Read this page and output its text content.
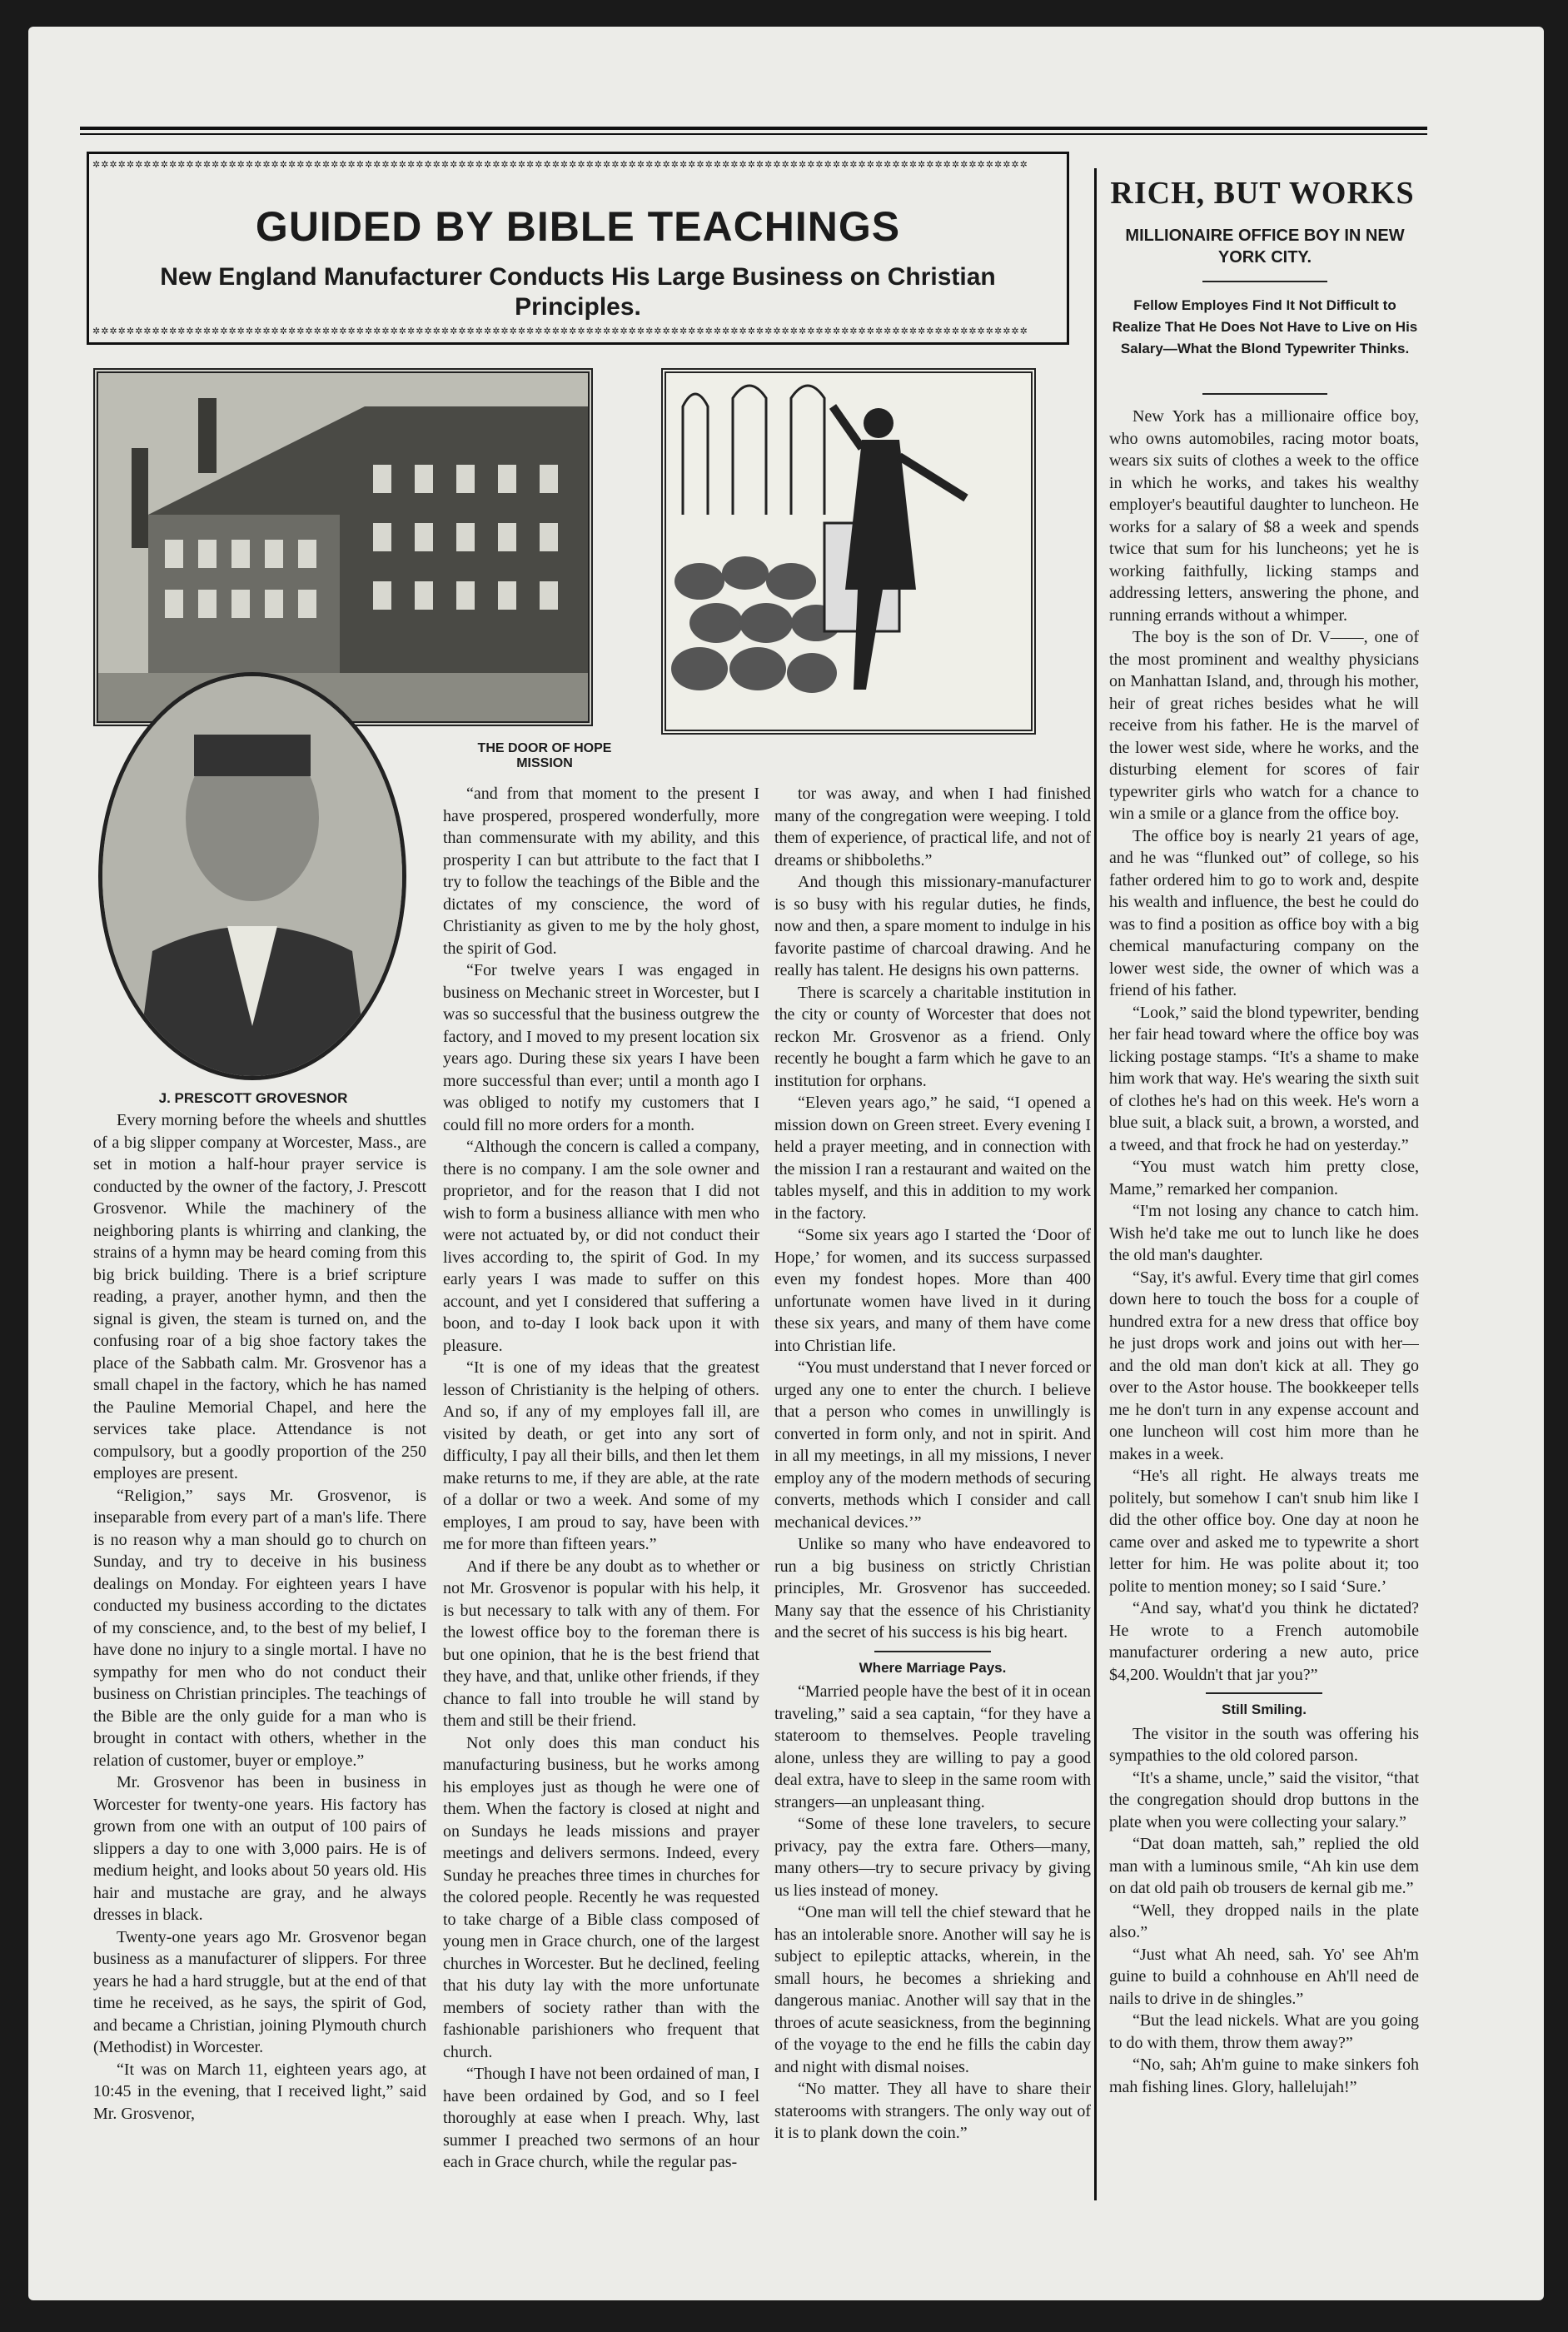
✲✲✲✲✲✲✲✲✲✲✲✲✲✲✲✲✲✲✲✲✲✲✲✲✲✲✲✲✲✲✲✲✲✲✲✲✲✲✲✲✲✲✲✲✲✲✲✲✲✲✲✲✲✲✲✲✲✲✲✲✲✲✲✲✲✲✲✲✲✲✲✲✲✲✲✲✲✲✲✲✲✲✲✲✲✲✲✲✲✲✲✲✲✲✲✲✲✲✲✲✲✲✲✲✲✲✲✲✲✲
✲✲✲✲✲✲✲✲✲✲✲✲✲✲✲✲✲✲✲✲✲✲✲✲✲✲✲✲✲✲✲✲✲✲✲✲✲✲✲✲✲✲✲✲✲✲✲✲✲✲✲✲✲✲✲✲✲✲✲✲✲✲✲✲✲✲✲✲✲✲✲✲✲✲✲✲✲✲✲✲✲✲✲✲✲✲✲✲✲✲✲✲✲✲✲✲✲✲✲✲✲✲✲✲✲✲✲✲✲✲
GUIDED BY BIBLE TEACHINGS
New England Manufacturer Conducts His Large Business on Christian Principles.
THE DOOR OF HOPE MISSION
J. PRESCOTT GROVESNOR

Every morning before the wheels and shuttles of a big slipper company at Worcester, Mass., are set in motion a half-hour prayer service is conducted by the owner of the factory, J. Prescott Grosvenor. While the machinery of the neighboring plants is whirring and clanking, the strains of a hymn may be heard coming from this big brick building. There is a brief scripture reading, a prayer, another hymn, and then the signal is given, the steam is turned on, and the confusing roar of a big shoe factory takes the place of the Sabbath calm. Mr. Grosvenor has a small chapel in the factory, which he has named the Pauline Memorial Chapel, and here the services take place. Attendance is not compulsory, but a goodly proportion of the 250 employes are present.

“Religion,” says Mr. Grosvenor, is inseparable from every part of a man's life. There is no reason why a man should go to church on Sunday, and try to deceive in his business dealings on Monday. For eighteen years I have conducted my business according to the dictates of my conscience, and, to the best of my belief, I have done no injury to a single mortal. I have no sympathy for men who do not conduct their business on Christian principles. The teachings of the Bible are the only guide for a man who is brought in contact with others, whether in the relation of customer, buyer or employe.”

Mr. Grosvenor has been in business in Worcester for twenty-one years. His factory has grown from one with an output of 100 pairs of slippers a day to one with 3,000 pairs. He is of medium height, and looks about 50 years old. His hair and mustache are gray, and he always dresses in black.

Twenty-one years ago Mr. Grosvenor began business as a manufacturer of slippers. For three years he had a hard struggle, but at the end of that time he received, as he says, the spirit of God, and became a Christian, joining Plymouth church (Methodist) in Worcester.

“It was on March 11, eighteen years ago, at 10:45 in the evening, that I received light,” said Mr. Grosvenor,

“and from that moment to the present I have prospered, prospered wonderfully, more than commensurate with my ability, and this prosperity I can but attribute to the fact that I try to follow the teachings of the Bible and the dictates of my conscience, the word of Christianity as given to me by the holy ghost, the spirit of God.

“For twelve years I was engaged in business on Mechanic street in Worcester, but I was so successful that the business outgrew the factory, and I moved to my present location six years ago. During these six years I have been more successful than ever; until a month ago I was obliged to notify my customers that I could fill no more orders for a month.

“Although the concern is called a company, there is no company. I am the sole owner and proprietor, and for the reason that I did not wish to form a business alliance with men who were not actuated by, or did not conduct their lives according to, the spirit of God. In my early years I was made to suffer on this account, and yet I considered that suffering a boon, and to-day I look back upon it with pleasure.

“It is one of my ideas that the greatest lesson of Christianity is the helping of others. And so, if any of my employes fall ill, are visited by death, or get into any sort of difficulty, I pay all their bills, and then let them make returns to me, if they are able, at the rate of a dollar or two a week. And some of my employes, I am proud to say, have been with me for more than fifteen years.”

And if there be any doubt as to whether or not Mr. Grosvenor is popular with his help, it is but necessary to talk with any of them. For the lowest office boy to the foreman there is but one opinion, that he is the best friend that they have, and that, unlike other friends, if they chance to fall into trouble he will stand by them and still be their friend.

Not only does this man conduct his manufacturing business, but he works among his employes just as though he were one of them. When the factory is closed at night and on Sundays he leads missions and prayer meetings and delivers sermons. Indeed, every Sunday he preaches three times in churches for the colored people. Recently he was requested to take charge of a Bible class composed of young men in Grace church, one of the largest churches in Worcester. But he declined, feeling that his duty lay with the more unfortunate members of society rather than with the fashionable parishioners who frequent that church.

“Though I have not been ordained of man, I have been ordained by God, and so I feel thoroughly at ease when I preach. Why, last summer I preached two sermons of an hour each in Grace church, while the regular pas-

tor was away, and when I had finished many of the congregation were weeping. I told them of experience, of practical life, and not of dreams or shibboleths.”

And though this missionary-manufacturer is so busy with his regular duties, he finds, now and then, a spare moment to indulge in his favorite pastime of charcoal drawing. And he really has talent. He designs his own patterns.

There is scarcely a charitable institution in the city or county of Worcester that does not reckon Mr. Grosvenor as a friend. Only recently he bought a farm which he gave to an institution for orphans.

“Eleven years ago,” he said, “I opened a mission down on Green street. Every evening I held a prayer meeting, and in connection with the mission I ran a restaurant and waited on the tables myself, and this in addition to my work in the factory.

“Some six years ago I started the ‘Door of Hope,’ for women, and its success surpassed even my fondest hopes. More than 400 unfortunate women have lived in it during these six years, and many of them have come into Christian life.

“You must understand that I never forced or urged any one to enter the church. I believe that a person who comes in unwillingly is converted in form only, and not in spirit. And in all my meetings, in all my missions, I never employ any of the modern methods of securing converts, methods which I consider and call mechanical devices.’”

Unlike so many who have endeavored to run a big business on strictly Christian principles, Mr. Grosvenor has succeeded. Many say that the essence of his Christianity and the secret of his success is his big heart.

Where Marriage Pays.

“Married people have the best of it in ocean traveling,” said a sea captain, “for they have a stateroom to themselves. People traveling alone, unless they are willing to pay a good deal extra, have to sleep in the same room with strangers—an unpleasant thing.

“Some of these lone travelers, to secure privacy, pay the extra fare. Others—many, many others—try to secure privacy by giving us lies instead of money.

“One man will tell the chief steward that he has an intolerable snore. Another will say he is subject to epileptic attacks, wherein, in the small hours, he becomes a shrieking and dangerous maniac. Another will say that in the throes of acute seasickness, from the beginning of the voyage to the end he fills the cabin day and night with dismal noises.

“No matter. They all have to share their staterooms with strangers. The only way out of it is to plank down the coin.”

RICH, BUT WORKS
MILLIONAIRE OFFICE BOY IN NEW YORK CITY.
Fellow Employes Find It Not Difficult to Realize That He Does Not Have to Live on His Salary—What the Blond Typewriter Thinks.

New York has a millionaire office boy, who owns automobiles, racing motor boats, wears six suits of clothes a week to the office in which he works, and takes his wealthy employer's beautiful daughter to luncheon. He works for a salary of $8 a week and spends twice that sum for his luncheons; yet he is working faithfully, licking stamps and addressing letters, answering the phone, and running errands without a whimper.

The boy is the son of Dr. V——, one of the most prominent and wealthy physicians on Manhattan Island, and, through his mother, heir of great riches besides what he will receive from his father. He is the marvel of the lower west side, where he works, and the disturbing element for scores of fair typewriter girls who watch for a chance to win a smile or a glance from the office boy.

The office boy is nearly 21 years of age, and he was “flunked out” of college, so his father ordered him to go to work and, despite his wealth and influence, the best he could do was to find a position as office boy with a big chemical manufacturing company on the lower west side, the owner of which was a friend of his father.

“Look,” said the blond typewriter, bending her fair head toward where the office boy was licking postage stamps. “It's a shame to make him work that way. He's wearing the sixth suit of clothes he's had on this week. He's worn a blue suit, a black suit, a brown, a worsted, and a tweed, and that frock he had on yesterday.”

“You must watch him pretty close, Mame,” remarked her companion.

“I'm not losing any chance to catch him. Wish he'd take me out to lunch like he does the old man's daughter.

“Say, it's awful. Every time that girl comes down here to touch the boss for a couple of hundred extra for a new dress that office boy he just drops work and joins out with her—and the old man don't kick at all. They go over to the Astor house. The bookkeeper tells me he don't turn in any expense account and one luncheon will cost him more than he makes in a week.

“He's all right. He always treats me politely, but somehow I can't snub him like I did the other office boy. One day at noon he came over and asked me to typewrite a short letter for him. He was polite about it; too polite to mention money; so I said ‘Sure.’

“And say, what'd you think he dictated? He wrote to a French automobile manufacturer ordering a new auto, price $4,200. Wouldn't that jar you?”

Still Smiling.

The visitor in the south was offering his sympathies to the old colored parson.

“It's a shame, uncle,” said the visitor, “that the congregation should drop buttons in the plate when you were collecting your salary.”

“Dat doan matteh, sah,” replied the old man with a luminous smile, “Ah kin use dem on dat old paih ob trousers de kernal gib me.”

“Well, they dropped nails in the plate also.”

“Just what Ah need, sah. Yo' see Ah'm guine to build a cohnhouse en Ah'll need de nails to drive in de shingles.”

“But the lead nickels. What are you going to do with them, throw them away?”

“No, sah; Ah'm guine to make sinkers foh mah fishing lines. Glory, hallelujah!”
